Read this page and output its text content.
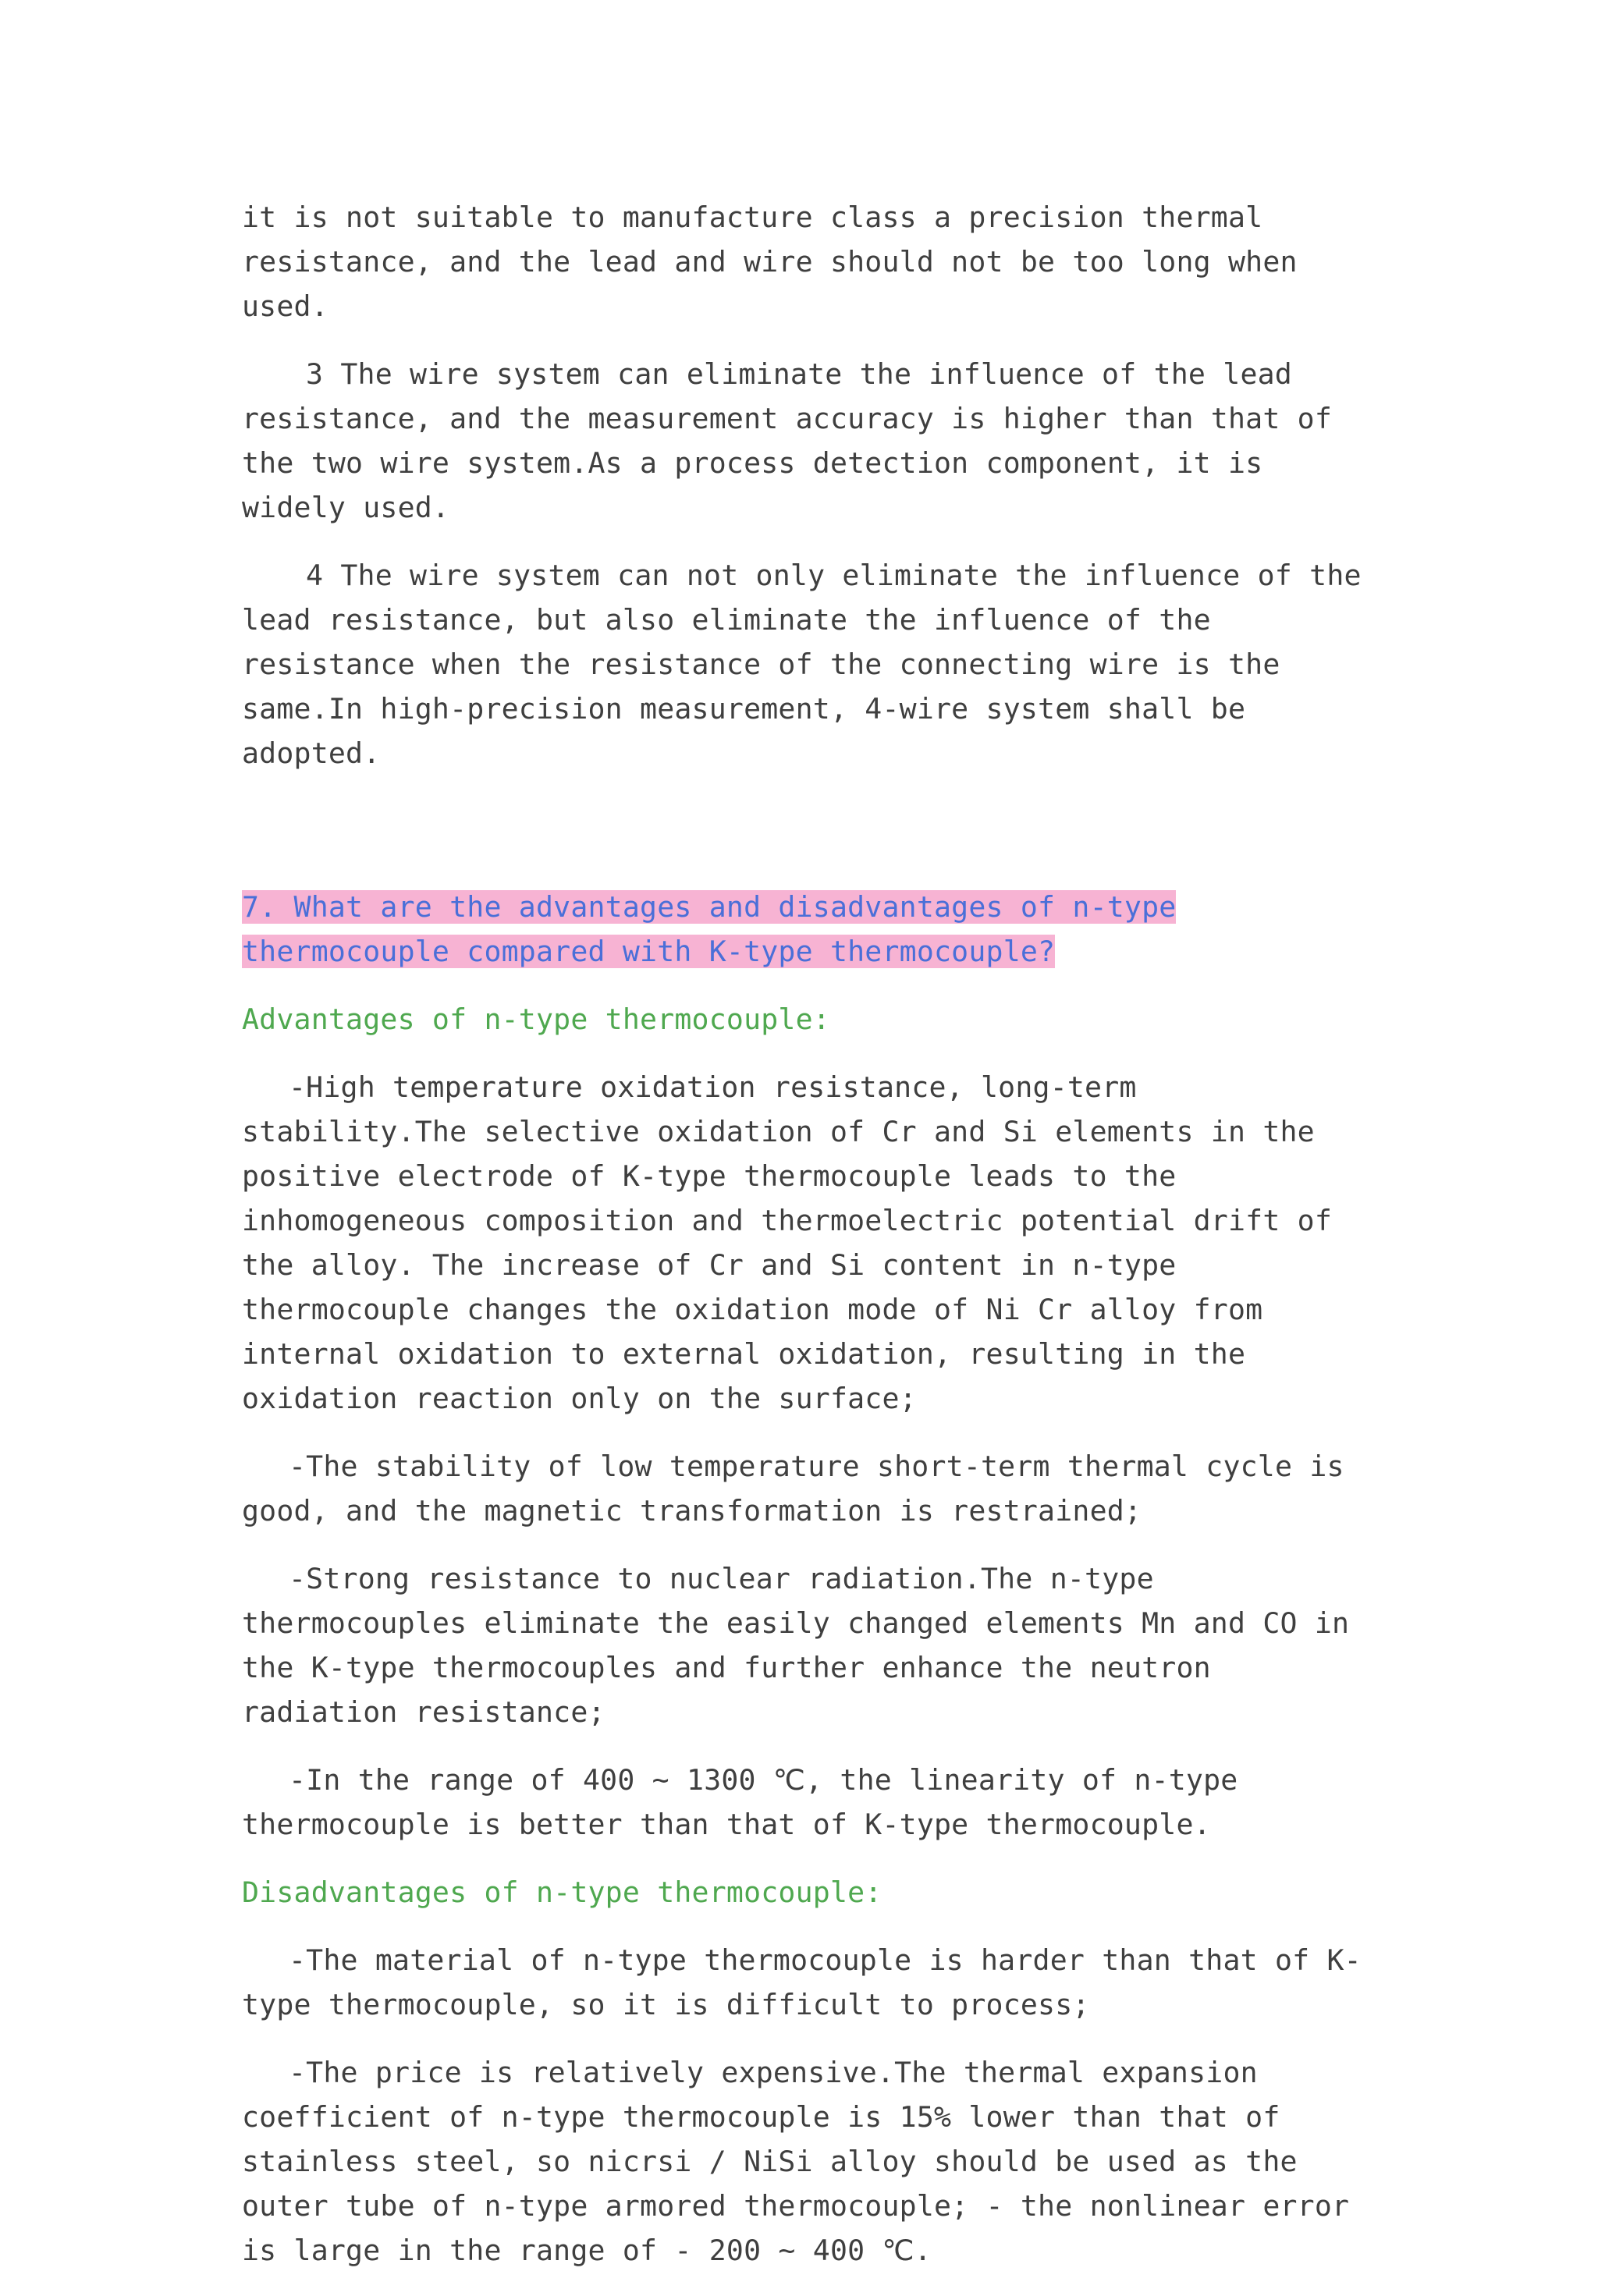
it is not suitable to manufacture class a precision thermal resistance, and the lead and wire should not be too long when used.

3 The wire system can eliminate the influence of the lead resistance, and the measurement accuracy is higher than that of the two wire system.As a process detection component, it is widely used.

4 The wire system can not only eliminate the influence of the lead resistance, but also eliminate the influence of the resistance when the resistance of the connecting wire is the same.In high-precision measurement, 4-wire system shall be adopted.

7. What are the advantages and disadvantages of n-type thermocouple compared with K-type thermocouple?

Advantages of n-type thermocouple:

-High temperature oxidation resistance, long-term stability.The selective oxidation of Cr and Si elements in the positive electrode of K-type thermocouple leads to the inhomogeneous composition and thermoelectric potential drift of the alloy. The increase of Cr and Si content in n-type thermocouple changes the oxidation mode of Ni Cr alloy from internal oxidation to external oxidation, resulting in the oxidation reaction only on the surface;

-The stability of low temperature short-term thermal cycle is good, and the magnetic transformation is restrained;

-Strong resistance to nuclear radiation.The n-type thermocouples eliminate the easily changed elements Mn and CO in the K-type thermocouples and further enhance the neutron radiation resistance;

-In the range of 400 ~ 1300 ℃, the linearity of n-type thermocouple is better than that of K-type thermocouple.

Disadvantages of n-type thermocouple:

-The material of n-type thermocouple is harder than that of K-type thermocouple, so it is difficult to process;

-The price is relatively expensive.The thermal expansion coefficient of n-type thermocouple is 15% lower than that of stainless steel, so nicrsi / NiSi alloy should be used as the outer tube of n-type armored thermocouple; - the nonlinear error is large in the range of - 200 ~ 400 ℃.
